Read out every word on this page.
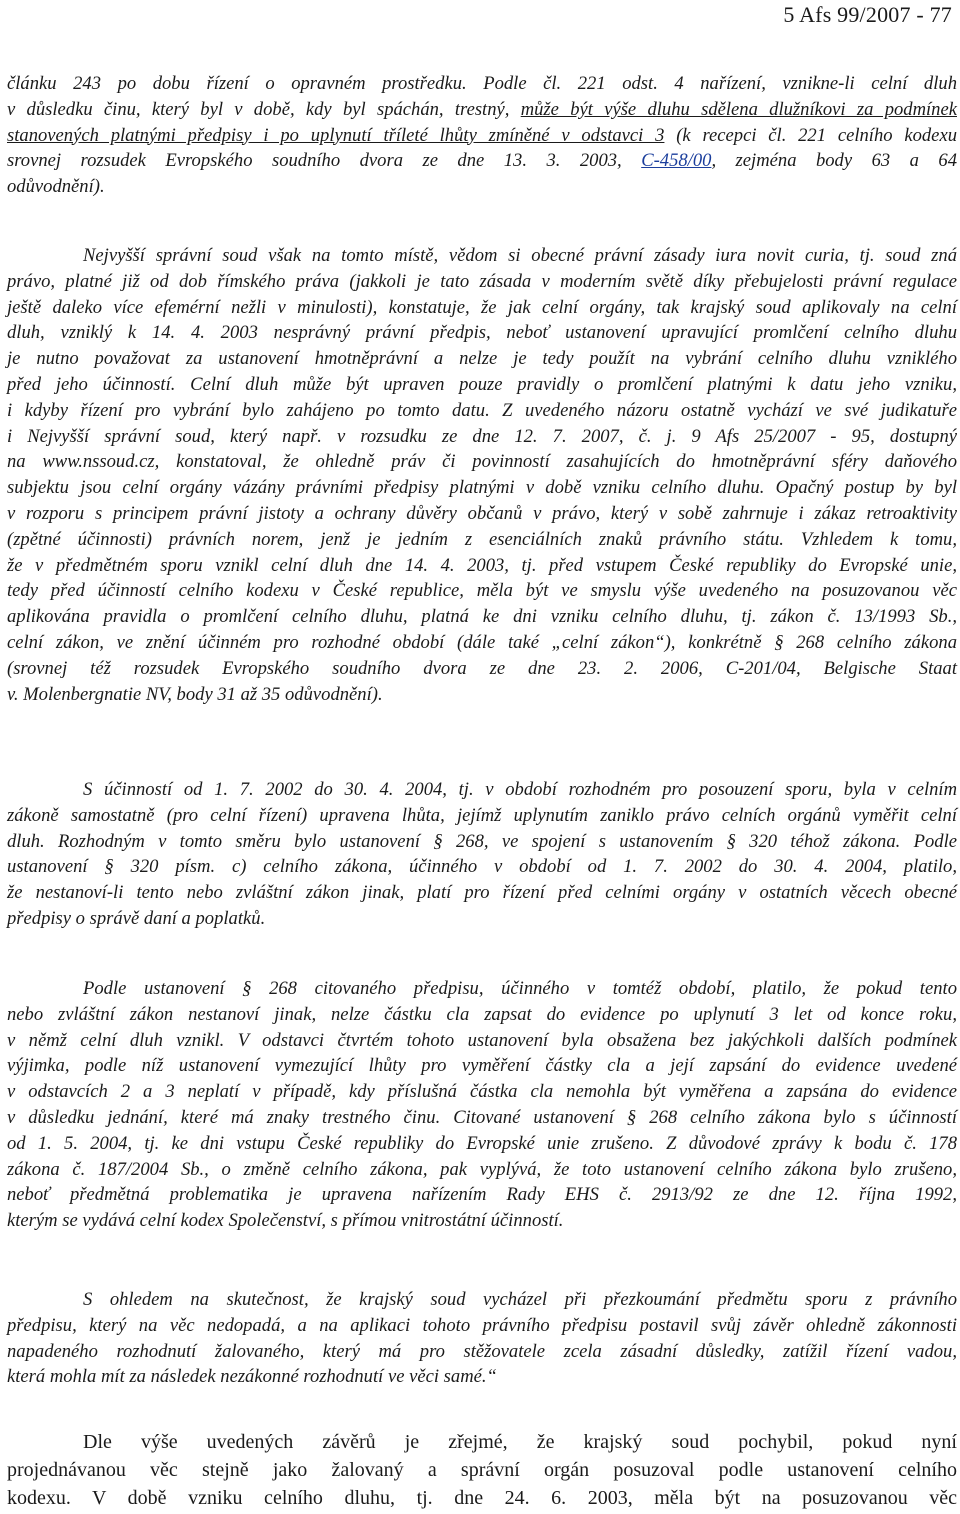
5 Afs 99/2007 - 77
článku 243 po dobu řízení o opravném prostředku. Podle čl. 221 odst. 4 nařízení, vznikne-li celní dluh
v důsledku činu, který byl v době, kdy byl spáchán, trestný, může být výše dluhu sdělena dlužníkovi za podmínek
stanovených platnými předpisy i po uplynutí tříleté lhůty zmíněné v odstavci 3 (k recepci čl. 221 celního kodexu
srovnej rozsudek Evropského soudního dvora ze dne 13. 3. 2003, C-458/00, zejména body 63 a 64
odůvodnění).
Nejvyšší správní soud však na tomto místě, vědom si obecné právní zásady iura novit curia, tj. soud zná
právo, platné již od dob římského práva (jakkoli je tato zásada v moderním světě díky přebujelosti právní regulace
ještě daleko více efemérní nežli v minulosti), konstatuje, že jak celní orgány, tak krajský soud aplikovaly na celní
dluh, vzniklý k 14. 4. 2003 nesprávný právní předpis, neboť ustanovení upravující promlčení celního dluhu
je nutno považovat za ustanovení hmotněprávní a nelze je tedy použít na vybrání celního dluhu vzniklého
před jeho účinností. Celní dluh může být upraven pouze pravidly o promlčení platnými k datu jeho vzniku,
i kdyby řízení pro vybrání bylo zahájeno po tomto datu. Z uvedeného názoru ostatně vychází ve své judikatuře
i Nejvyšší správní soud, který např. v rozsudku ze dne 12. 7. 2007, č. j. 9 Afs 25/2007 - 95, dostupný
na www.nssoud.cz, konstatoval, že ohledně práv či povinností zasahujících do hmotněprávní sféry daňového
subjektu jsou celní orgány vázány právními předpisy platnými v době vzniku celního dluhu. Opačný postup by byl
v rozporu s principem právní jistoty a ochrany důvěry občanů v právo, který v sobě zahrnuje i zákaz retroaktivity
(zpětné účinnosti) právních norem, jenž je jedním z esenciálních znaků právního státu. Vzhledem k tomu,
že v předmětném sporu vznikl celní dluh dne 14. 4. 2003, tj. před vstupem České republiky do Evropské unie,
tedy před účinností celního kodexu v České republice, měla být ve smyslu výše uvedeného na posuzovanou věc
aplikována pravidla o promlčení celního dluhu, platná ke dni vzniku celního dluhu, tj. zákon č. 13/1993 Sb.,
celní zákon, ve znění účinném pro rozhodné období (dále také „celní zákon“), konkrétně § 268 celního zákona
(srovnej též rozsudek Evropského soudního dvora ze dne 23. 2. 2006, C-201/04, Belgische Staat
v. Molenbergnatie NV, body 31 až 35 odůvodnění).
S účinností od 1. 7. 2002 do 30. 4. 2004, tj. v období rozhodném pro posouzení sporu, byla v celním
zákoně samostatně (pro celní řízení) upravena lhůta, jejímž uplynutím zaniklo právo celních orgánů vyměřit celní
dluh. Rozhodným v tomto směru bylo ustanovení § 268, ve spojení s ustanovením § 320 téhož zákona. Podle
ustanovení § 320 písm. c) celního zákona, účinného v období od 1. 7. 2002 do 30. 4. 2004, platilo,
že nestanoví-li tento nebo zvláštní zákon jinak, platí pro řízení před celními orgány v ostatních věcech obecné
předpisy o správě daní a poplatků.
Podle ustanovení § 268 citovaného předpisu, účinného v tomtéž období, platilo, že pokud tento
nebo zvláštní zákon nestanoví jinak, nelze částku cla zapsat do evidence po uplynutí 3 let od konce roku,
v němž celní dluh vznikl. V odstavci čtvrtém tohoto ustanovení byla obsažena bez jakýchkoli dalších podmínek
výjimka, podle níž ustanovení vymezující lhůty pro vyměření částky cla a její zapsání do evidence uvedené
v odstavcích 2 a 3 neplatí v případě, kdy příslušná částka cla nemohla být vyměřena a zapsána do evidence
v důsledku jednání, které má znaky trestného činu. Citované ustanovení § 268 celního zákona bylo s účinností
od 1. 5. 2004, tj. ke dni vstupu České republiky do Evropské unie zrušeno. Z důvodové zprávy k bodu č. 178
zákona č. 187/2004 Sb., o změně celního zákona, pak vyplývá, že toto ustanovení celního zákona bylo zrušeno,
neboť předmětná problematika je upravena nařízením Rady EHS č. 2913/92 ze dne 12. října 1992,
kterým se vydává celní kodex Společenství, s přímou vnitrostátní účinností.
S ohledem na skutečnost, že krajský soud vycházel při přezkoumání předmětu sporu z právního
předpisu, který na věc nedopadá, a na aplikaci tohoto právního předpisu postavil svůj závěr ohledně zákonnosti
napadeného rozhodnutí žalovaného, který má pro stěžovatele zcela zásadní důsledky, zatížil řízení vadou,
která mohla mít za následek nezákonné rozhodnutí ve věci samé.“
Dle výše uvedených závěrů je zřejmé, že krajský soud pochybil, pokud nyní
projednávanou věc stejně jako žalovaný a správní orgán posuzoval podle ustanovení celního
kodexu. V době vzniku celního dluhu, tj. dne 24. 6. 2003, měla být na posuzovanou věc
